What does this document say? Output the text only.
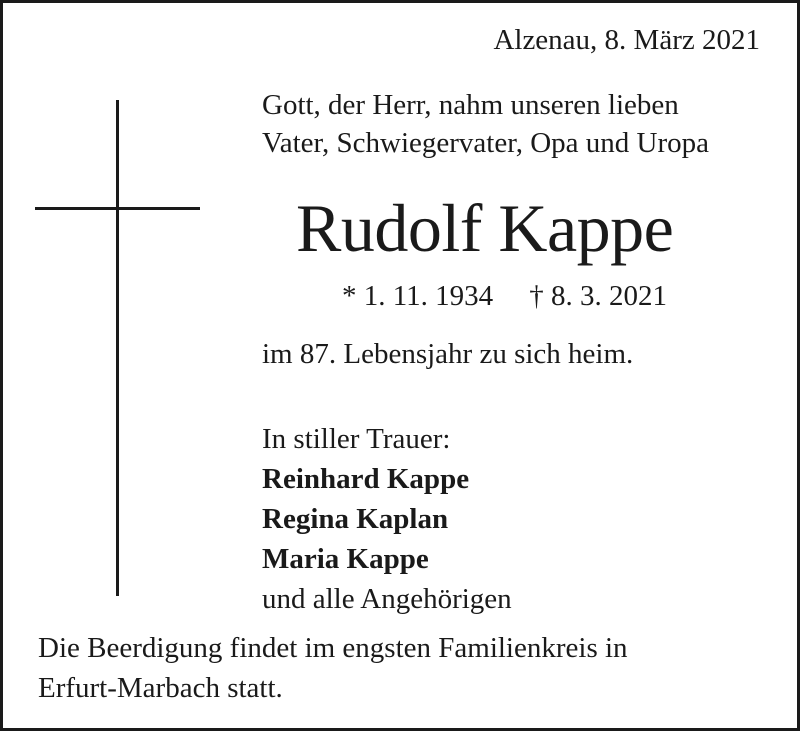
Alzenau, 8. März 2021
Gott, der Herr, nahm unseren lieben
Vater, Schwiegervater, Opa und Uropa
Rudolf Kappe
* 1. 11. 1934 † 8. 3. 2021
im 87. Lebensjahr zu sich heim.
In stiller Trauer:
Reinhard Kappe
Regina Kaplan
Maria Kappe
und alle Angehörigen
Die Beerdigung findet im engsten Familienkreis in
Erfurt-Marbach statt.
